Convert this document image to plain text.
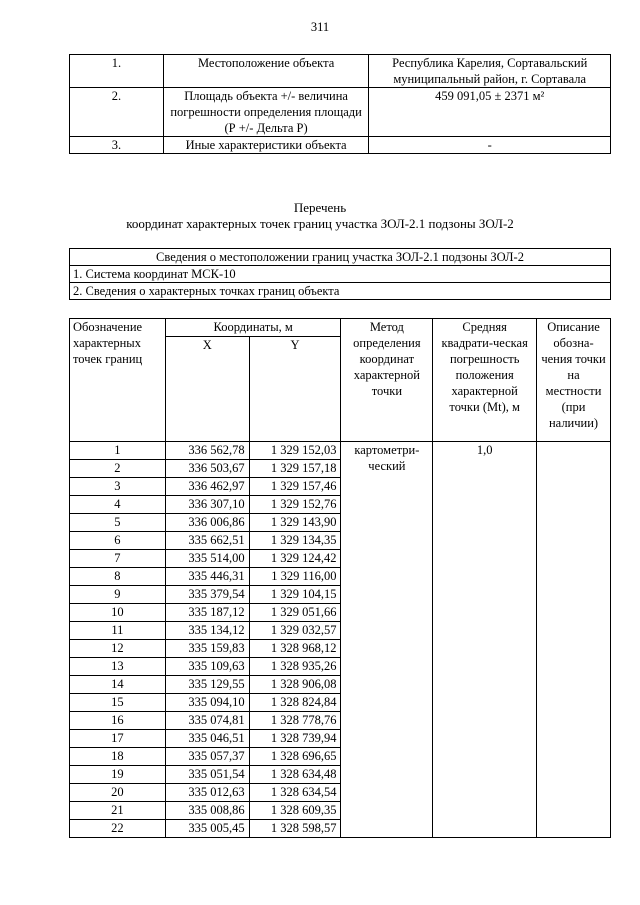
311
1.	Местоположение объекта	Республика Карелия, Сортавальский муниципальный район, г. Сортавала
2.	Площадь объекта +/- величина погрешности определения площади (Р +/- Дельта Р)	459 091,05 ± 2371 м²
3.	Иные характеристики объекта	-
Перечень
координат характерных точек границ участка ЗОЛ-2.1 подзоны ЗОЛ-2
Сведения о местоположении границ участка ЗОЛ-2.1 подзоны ЗОЛ-2
1. Система координат МСК-10
2. Сведения о характерных точках границ объекта
Обозначение характерных точек границ	Координаты, м		Метод определения координат характерной точки	Средняя квадрати-ческая погрешность положения характерной точки (Mt), м	Описание обозна-чения точки на местности (при наличии)
	X	Y			
1	336 562,78	1 329 152,03	картометри-ческий	1,0	
2	336 503,67	1 329 157,18			
3	336 462,97	1 329 157,46			
4	336 307,10	1 329 152,76			
5	336 006,86	1 329 143,90			
6	335 662,51	1 329 134,35			
7	335 514,00	1 329 124,42			
8	335 446,31	1 329 116,00			
9	335 379,54	1 329 104,15			
10	335 187,12	1 329 051,66			
11	335 134,12	1 329 032,57			
12	335 159,83	1 328 968,12			
13	335 109,63	1 328 935,26			
14	335 129,55	1 328 906,08			
15	335 094,10	1 328 824,84			
16	335 074,81	1 328 778,76			
17	335 046,51	1 328 739,94			
18	335 057,37	1 328 696,65			
19	335 051,54	1 328 634,48			
20	335 012,63	1 328 634,54			
21	335 008,86	1 328 609,35			
22	335 005,45	1 328 598,57			
